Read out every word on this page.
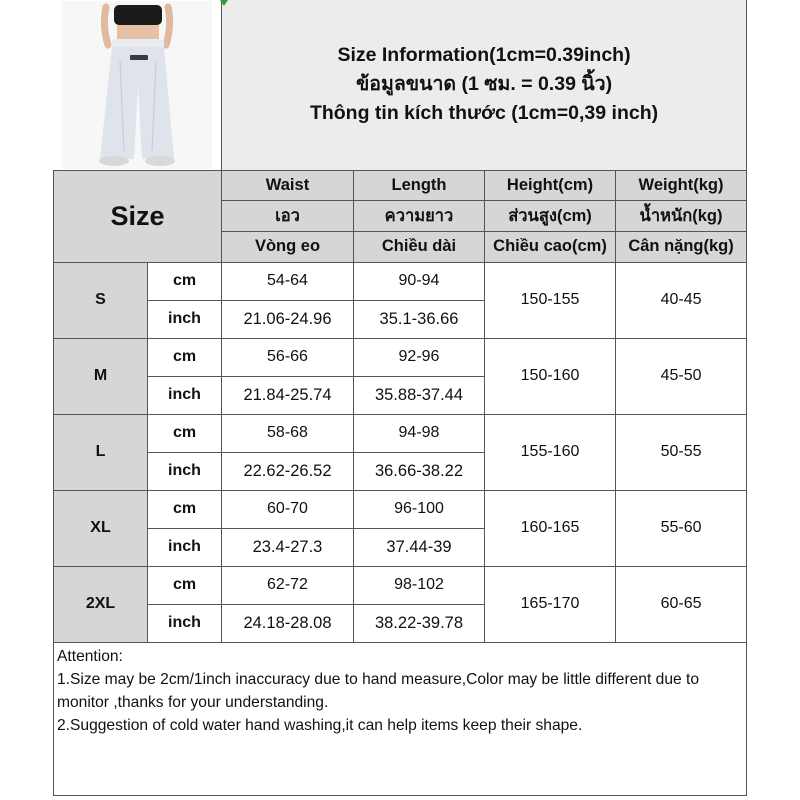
Size Information(1cm=0.39inch)
ข้อมูลขนาด (1 ซม. = 0.39 นิ้ว)
Thông tin kích thước (1cm=0,39 inch)			

Size		Waist	Length	Height(cm)	Weight(kg)
		เอว	ความยาว	ส่วนสูง(cm)	น้ำหนัก(kg)
		Vòng eo	Chiều dài	Chiều cao(cm)	Cân nặng(kg)
S	cm	54-64	90-94	150-155	40-45
	inch	21.06-24.96	35.1-36.66		
M	cm	56-66	92-96	150-160	45-50
	inch	21.84-25.74	35.88-37.44		
L	cm	58-68	94-98	155-160	50-55
	inch	22.62-26.52	36.66-38.22		
XL	cm	60-70	96-100	160-165	55-60
	inch	23.4-27.3	37.44-39		
2XL	cm	62-72	98-102	165-170	60-65
	inch	24.18-28.08	38.22-39.78		

Attention:

1.Size may be 2cm/1inch inaccuracy due to hand measure,Color may be little different due to monitor ,thanks for your understanding.

2.Suggestion of cold water hand washing,it can help items keep their shape.					
